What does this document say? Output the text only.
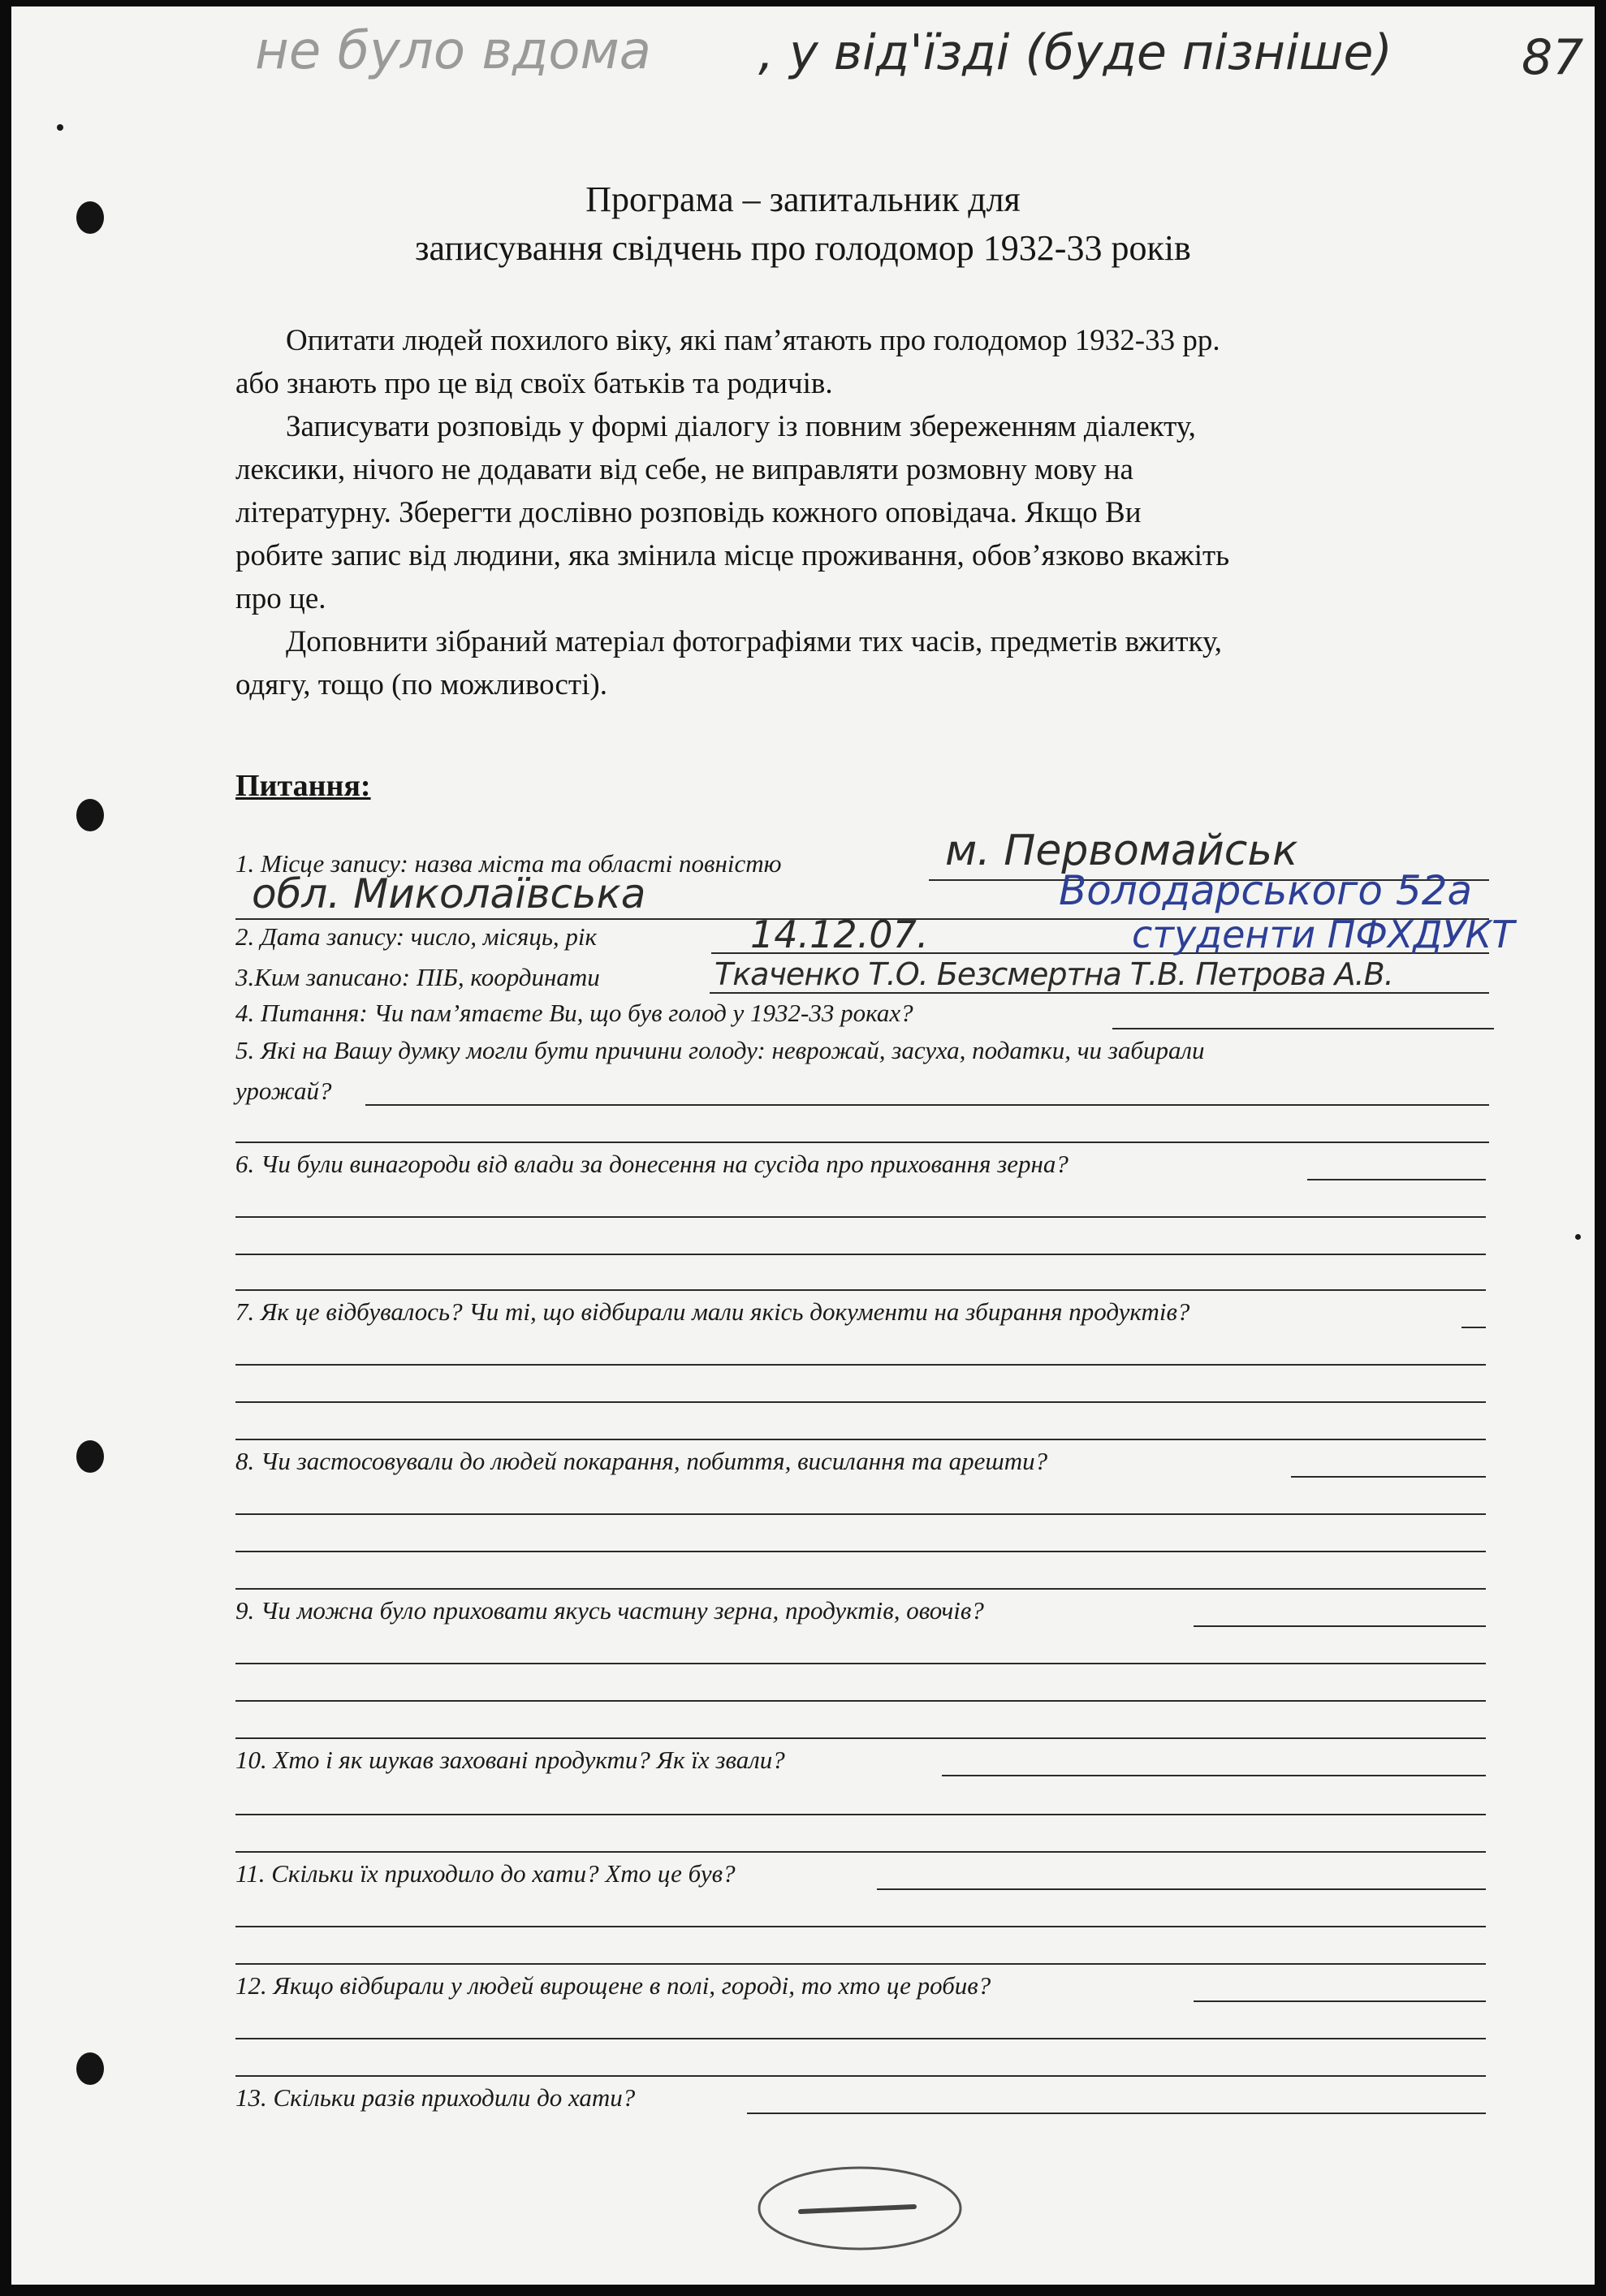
не було вдома , у від'їзді (буде пізніше)	87
Програма – запитальник для
записування свідчень про голодомор 1932-33 років
Опитати людей похилого віку, які пам’ятають про голодомор 1932-33 рр.
або знають про це від своїх батьків та родичів.
Записувати розповідь у формі діалогу із повним збереженням діалекту,
лексики, нічого не додавати від себе, не виправляти розмовну мову на
літературну. Зберегти дослівно розповідь кожного оповідача. Якщо Ви
робите запис від людини, яка змінила місце проживання, обов’язково вкажіть
про це.
Доповнити зібраний матеріал фотографіями тих часів, предметів вжитку,
одягу, тощо (по можливості).
Питання:
1. Місце запису: назва міста та області повністю	м. Первомайськ
обл. Миколаївська	Володарського 52а
2. Дата запису: число, місяць, рік	14.12.07.	студенти ПФХДУКТ
3.Ким записано: ПІБ, координати	Ткаченко Т.О. Безсмертна Т.В. Петрова А.В.
4. Питання: Чи пам’ятаєте Ви, що був голод у 1932-33 роках?
5. Які на Вашу думку могли бути причини голоду: неврожай, засуха, податки, чи забирали
урожай?
6. Чи були винагороди від влади за донесення на сусіда про приховання зерна?
7. Як це відбувалось? Чи ті, що відбирали мали якісь документи на збирання продуктів?
8. Чи застосовували до людей покарання, побиття, висилання та арешти?
9. Чи можна було приховати якусь частину зерна, продуктів, овочів?
10. Хто і як шукав заховані продукти? Як їх звали?
11. Скільки їх приходило до хати? Хто це був?
12. Якщо відбирали у людей вирощене в полі, городі, то хто це робив?
13. Скільки разів приходили до хати?
